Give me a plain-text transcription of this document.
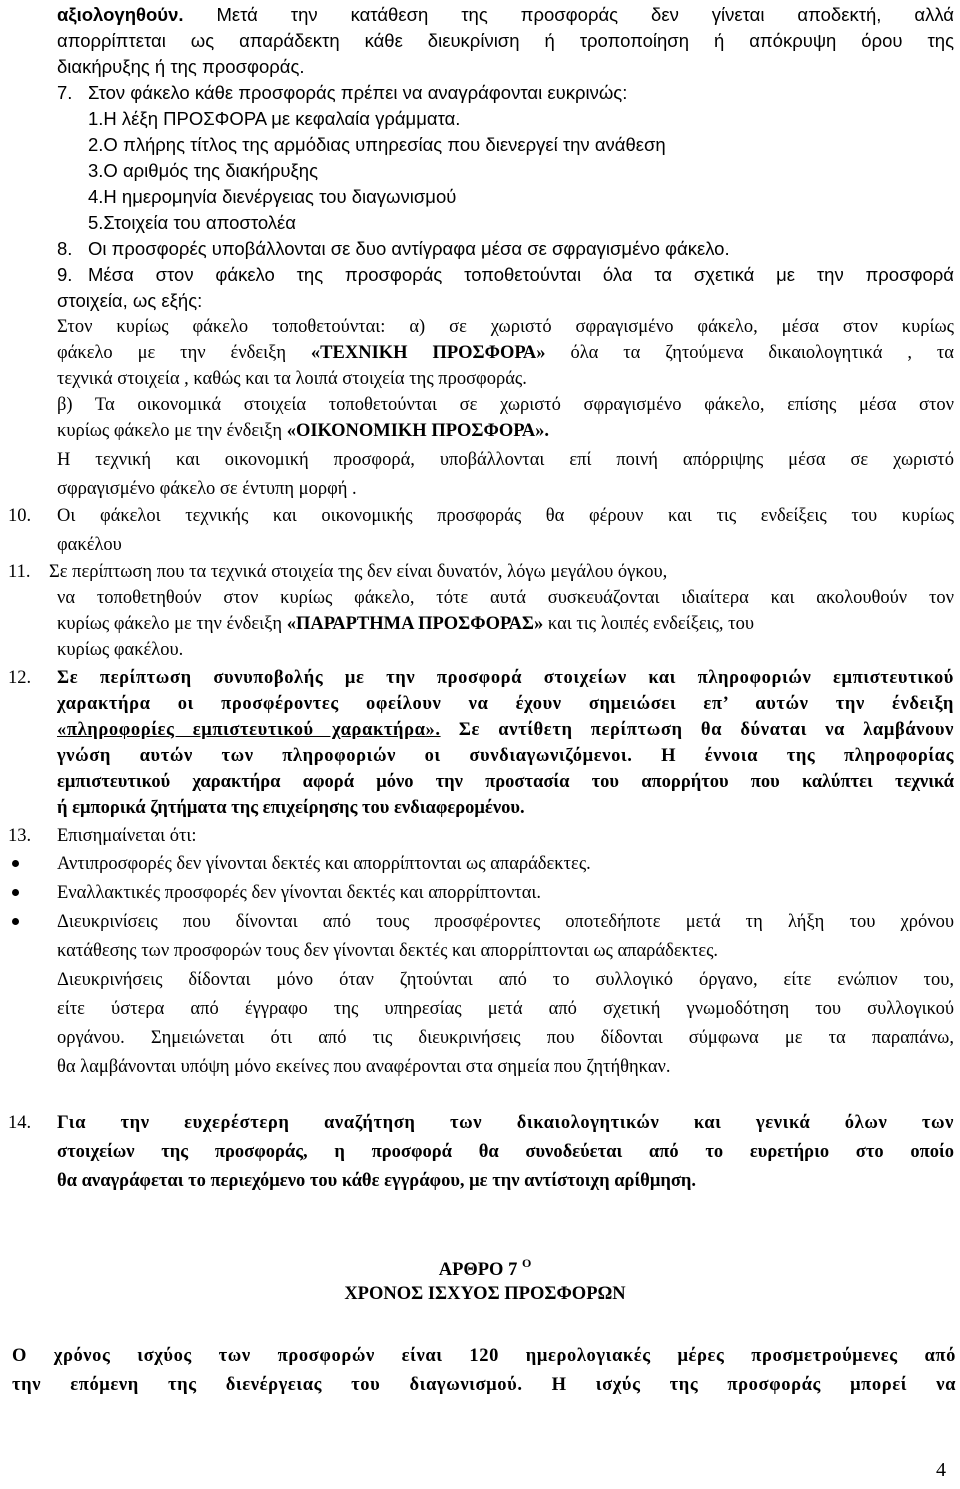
αξιολογηθούν. Μετά την κατάθεση της προσφοράς δεν γίνεται αποδεκτή, αλλά
απορρίπτεται ως απαράδεκτη κάθε διευκρίνιση ή τροποποίηση ή απόκρυψη όρου της
διακήρυξης ή της προσφοράς.
7. Στον φάκελο κάθε προσφοράς πρέπει να αναγράφονται ευκρινώς:
1.Η λέξη ΠΡΟΣΦΟΡΑ με κεφαλαία γράμματα.
2.Ο πλήρης τίτλος της αρμόδιας υπηρεσίας που διενεργεί την ανάθεση
3.Ο αριθμός της διακήρυξης
4.Η ημερομηνία διενέργειας του διαγωνισμού
5.Στοιχεία του αποστολέα
8. Οι προσφορές υποβάλλονται σε δυο αντίγραφα μέσα σε σφραγισμένο φάκελο.
9. Μέσα στον φάκελο της προσφοράς τοποθετούνται όλα τα σχετικά με την προσφορά
στοιχεία, ως εξής:
Στον κυρίως φάκελο τοποθετούνται: α) σε χωριστό σφραγισμένο φάκελο, μέσα στον κυρίως
φάκελο με την ένδειξη «ΤΕΧΝΙΚΗ ΠΡΟΣΦΟΡΑ» όλα τα ζητούμενα δικαιολογητικά , τα
τεχνικά στοιχεία , καθώς και τα λοιπά στοιχεία της προσφοράς.
β) Τα οικονομικά στοιχεία τοποθετούνται σε χωριστό σφραγισμένο φάκελο, επίσης μέσα στον
κυρίως φάκελο με την ένδειξη «ΟΙΚΟΝΟΜΙΚΗ ΠΡΟΣΦΟΡΑ».
Η τεχνική και οικονομική προσφορά, υποβάλλονται επί ποινή απόρριψης μέσα σε χωριστό
σφραγισμένο φάκελο σε έντυπη μορφή .
10. Οι φάκελοι τεχνικής και οικονομικής προσφοράς θα φέρουν και τις ενδείξεις του κυρίως
φακέλου
11. Σε περίπτωση που τα τεχνικά στοιχεία της δεν είναι δυνατόν, λόγω μεγάλου όγκου,
να τοποθετηθούν στον κυρίως φάκελο, τότε αυτά συσκευάζονται ιδιαίτερα και ακολουθούν τον
κυρίως φάκελο με την ένδειξη «ΠΑΡΑΡΤΗΜΑ ΠΡΟΣΦΟΡΑΣ» και τις λοιπές ενδείξεις, του
κυρίως φακέλου.
12. Σε περίπτωση συνυποβολής με την προσφορά στοιχείων και πληροφοριών εμπιστευτικού
χαρακτήρα οι προσφέροντες οφείλουν να έχουν σημειώσει επ’ αυτών την ένδειξη
«πληροφορίες εμπιστευτικού χαρακτήρα». Σε αντίθετη περίπτωση θα δύναται να λαμβάνουν
γνώση αυτών των πληροφοριών οι συνδιαγωνιζόμενοι. Η έννοια της πληροφορίας
εμπιστευτικού χαρακτήρα αφορά μόνο την προστασία του απορρήτου που καλύπτει τεχνικά
ή εμπορικά ζητήματα της επιχείρησης του ενδιαφερομένου.
13. Επισημαίνεται ότι:
Αντιπροσφορές δεν γίνονται δεκτές και απορρίπτονται ως απαράδεκτες.
Εναλλακτικές προσφορές δεν γίνονται δεκτές και απορρίπτονται.
Διευκρινίσεις που δίνονται από τους προσφέροντες οποτεδήποτε μετά τη λήξη του χρόνου
κατάθεσης των προσφορών τους δεν γίνονται δεκτές και απορρίπτονται ως απαράδεκτες.
Διευκρινήσεις δίδονται μόνο όταν ζητούνται από το συλλογικό όργανο, είτε ενώπιον του,
είτε ύστερα από έγγραφο της υπηρεσίας μετά από σχετική γνωμοδότηση του συλλογικού
οργάνου. Σημειώνεται ότι από τις διευκρινήσεις που δίδονται σύμφωνα με τα παραπάνω,
θα λαμβάνονται υπόψη μόνο εκείνες που αναφέρονται στα σημεία που ζητήθηκαν.
14. Για την ευχερέστερη αναζήτηση των δικαιολογητικών και γενικά όλων των
στοιχείων της προσφοράς, η προσφορά θα συνοδεύεται από το ευρετήριο στο οποίο
θα αναγράφεται το περιεχόμενο του κάθε εγγράφου, με την αντίστοιχη αρίθμηση.
ΑΡΘΡΟ 7 $^O$
ΧΡΟΝΟΣ ΙΣΧΥΟΣ ΠΡΟΣΦΟΡΩΝ
Ο χρόνος ισχύος των προσφορών είναι 120 ημερολογιακές μέρες προσμετρούμενες από
την επόμενη της διενέργειας του διαγωνισμού. Η ισχύς της προσφοράς μπορεί να
4
